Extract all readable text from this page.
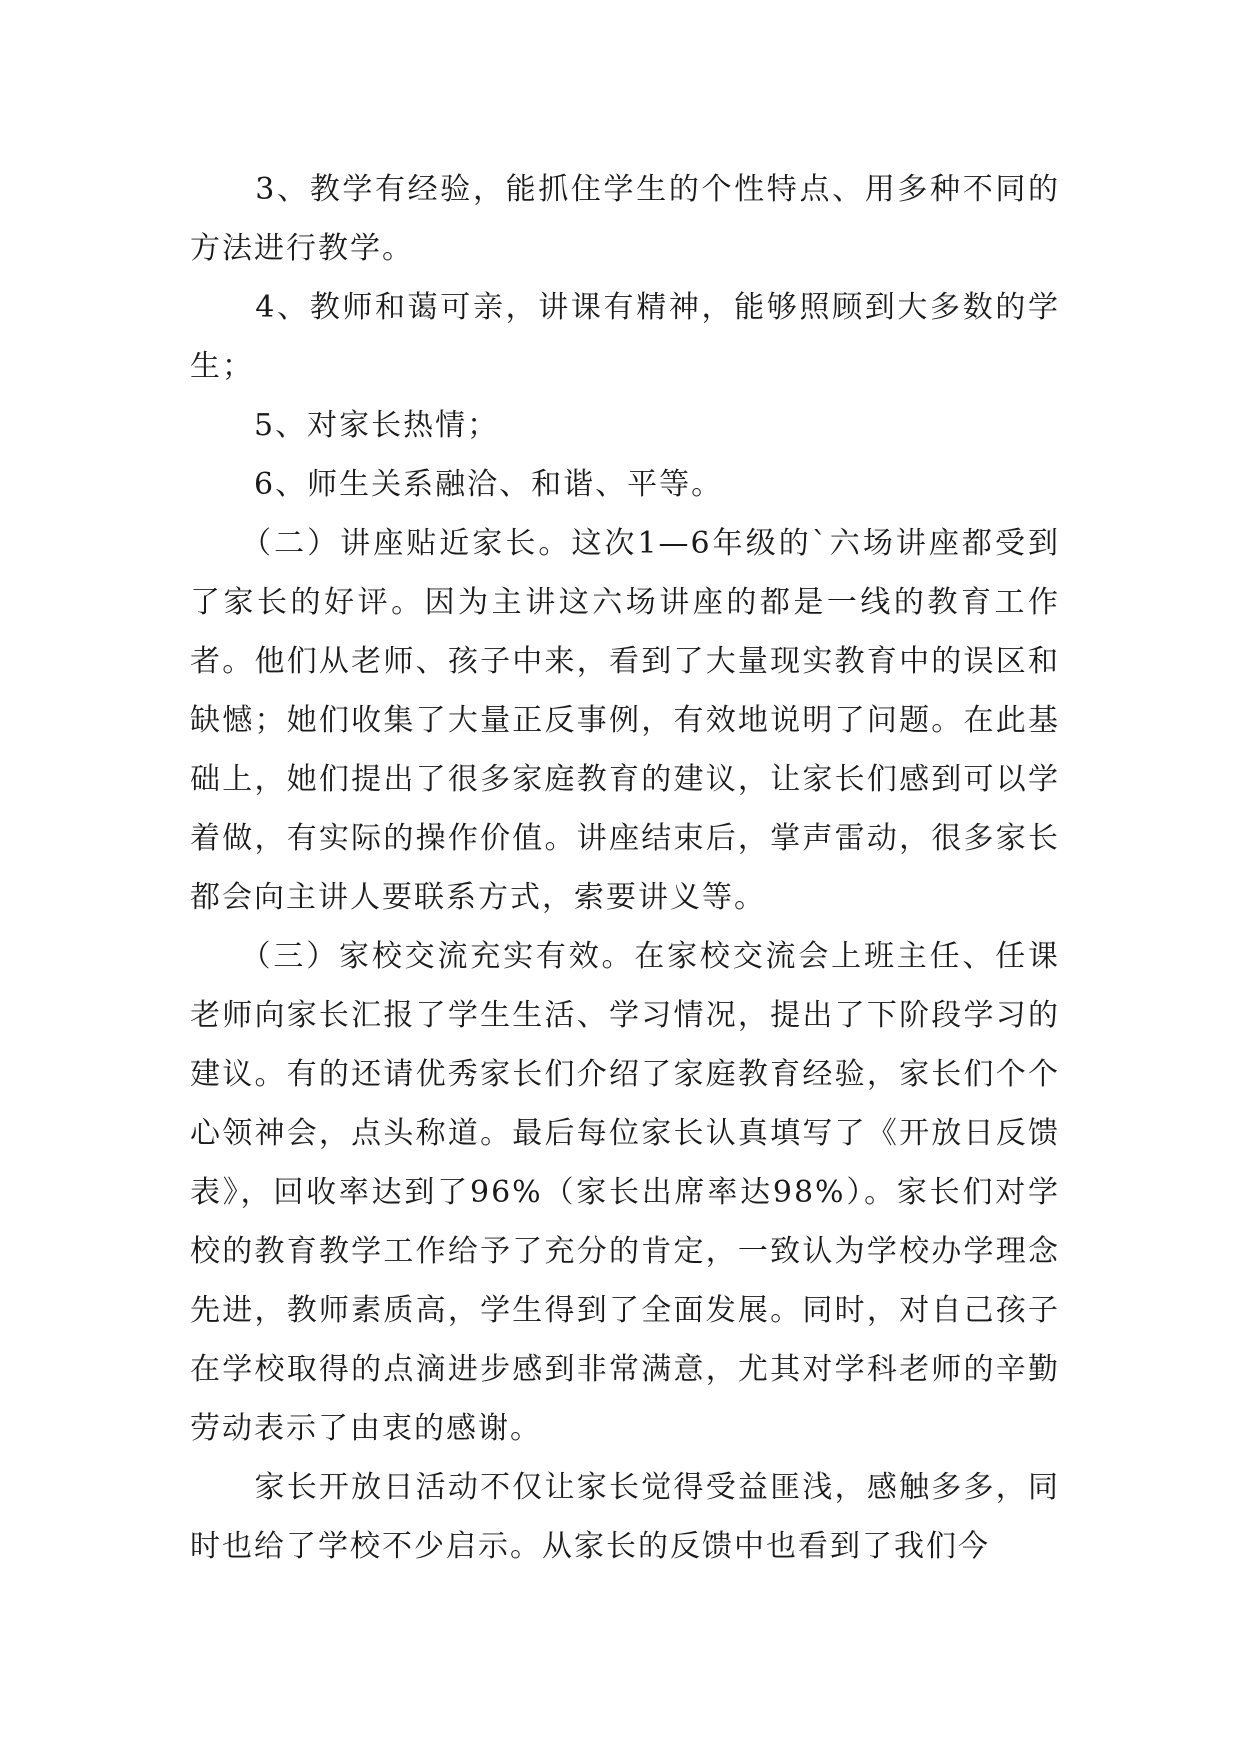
　　3、教学有经验，能抓住学生的个性特点、用多种不同的方法进行教学。

　　4、教师和蔼可亲，讲课有精神，能够照顾到大多数的学生；

　　5、对家长热情；

　　6、师生关系融洽、和谐、平等。

　　（二）讲座贴近家长。这次1—6年级的`六场讲座都受到了家长的好评。因为主讲这六场讲座的都是一线的教育工作者。他们从老师、孩子中来，看到了大量现实教育中的误区和缺憾；她们收集了大量正反事例，有效地说明了问题。在此基础上，她们提出了很多家庭教育的建议，让家长们感到可以学着做，有实际的操作价值。讲座结束后，掌声雷动，很多家长都会向主讲人要联系方式，索要讲义等。

　　（三）家校交流充实有效。在家校交流会上班主任、任课老师向家长汇报了学生生活、学习情况，提出了下阶段学习的建议。有的还请优秀家长们介绍了家庭教育经验，家长们个个心领神会，点头称道。最后每位家长认真填写了《开放日反馈表》，回收率达到了96%（家长出席率达98%）。家长们对学校的教育教学工作给予了充分的肯定，一致认为学校办学理念先进，教师素质高，学生得到了全面发展。同时，对自己孩子在学校取得的点滴进步感到非常满意，尤其对学科老师的辛勤劳动表示了由衷的感谢。

　　家长开放日活动不仅让家长觉得受益匪浅，感触多多，同时也给了学校不少启示。从家长的反馈中也看到了我们今
